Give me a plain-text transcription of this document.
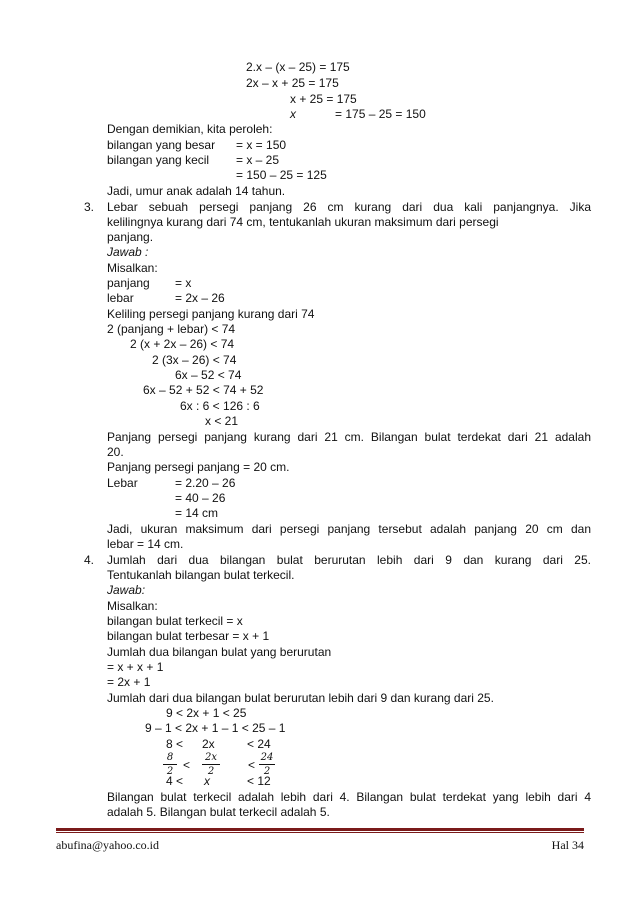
2.x – (x – 25) = 175
2x – x + 25 = 175
x + 25 = 175
x	= 175 – 25 = 150
Dengan demikian, kita peroleh:
bilangan yang besar = x = 150
bilangan yang kecil = x – 25
= 150 – 25 = 125
Jadi, umur anak adalah 14 tahun.
3. Lebar sebuah persegi panjang 26 cm kurang dari dua kali panjangnya. Jika
kelilingnya kurang dari 74 cm, tentukanlah ukuran maksimum dari persegi
panjang.
Jawab :
Misalkan:
panjang = x
lebar	= 2x – 26
Keliling persegi panjang kurang dari 74
2 (panjang + lebar) < 74
2 (x + 2x – 26) < 74
2 (3x – 26) < 74
6x – 52 < 74
6x – 52 + 52 < 74 + 52
6x : 6 < 126 : 6
x < 21
Panjang persegi panjang kurang dari 21 cm. Bilangan bulat terdekat dari 21 adalah
20.
Panjang persegi panjang = 20 cm.
Lebar	= 2.20 – 26
= 40 – 26
= 14 cm
Jadi, ukuran maksimum dari persegi panjang tersebut adalah panjang 20 cm dan
lebar = 14 cm.
4. Jumlah dari dua bilangan bulat berurutan lebih dari 9 dan kurang dari 25.
Tentukanlah bilangan bulat terkecil.
Jawab:
Misalkan:
bilangan bulat terkecil = x
bilangan bulat terbesar = x + 1
Jumlah dua bilangan bulat yang berurutan
= x + x + 1
= 2x + 1
Jumlah dari dua bilangan bulat berurutan lebih dari 9 dan kurang dari 25.
9 < 2x + 1 < 25
9 – 1 < 2x + 1 – 1 < 25 – 1
8 < 2x	< 24
$\frac{8}{2} < \frac{2x}{2} < \frac{24}{2}$
4 < x	< 12
Bilangan bulat terkecil adalah lebih dari 4. Bilangan bulat terdekat yang lebih dari 4
adalah 5. Bilangan bulat terkecil adalah 5.
abufina@yahoo.co.id	Hal 34
